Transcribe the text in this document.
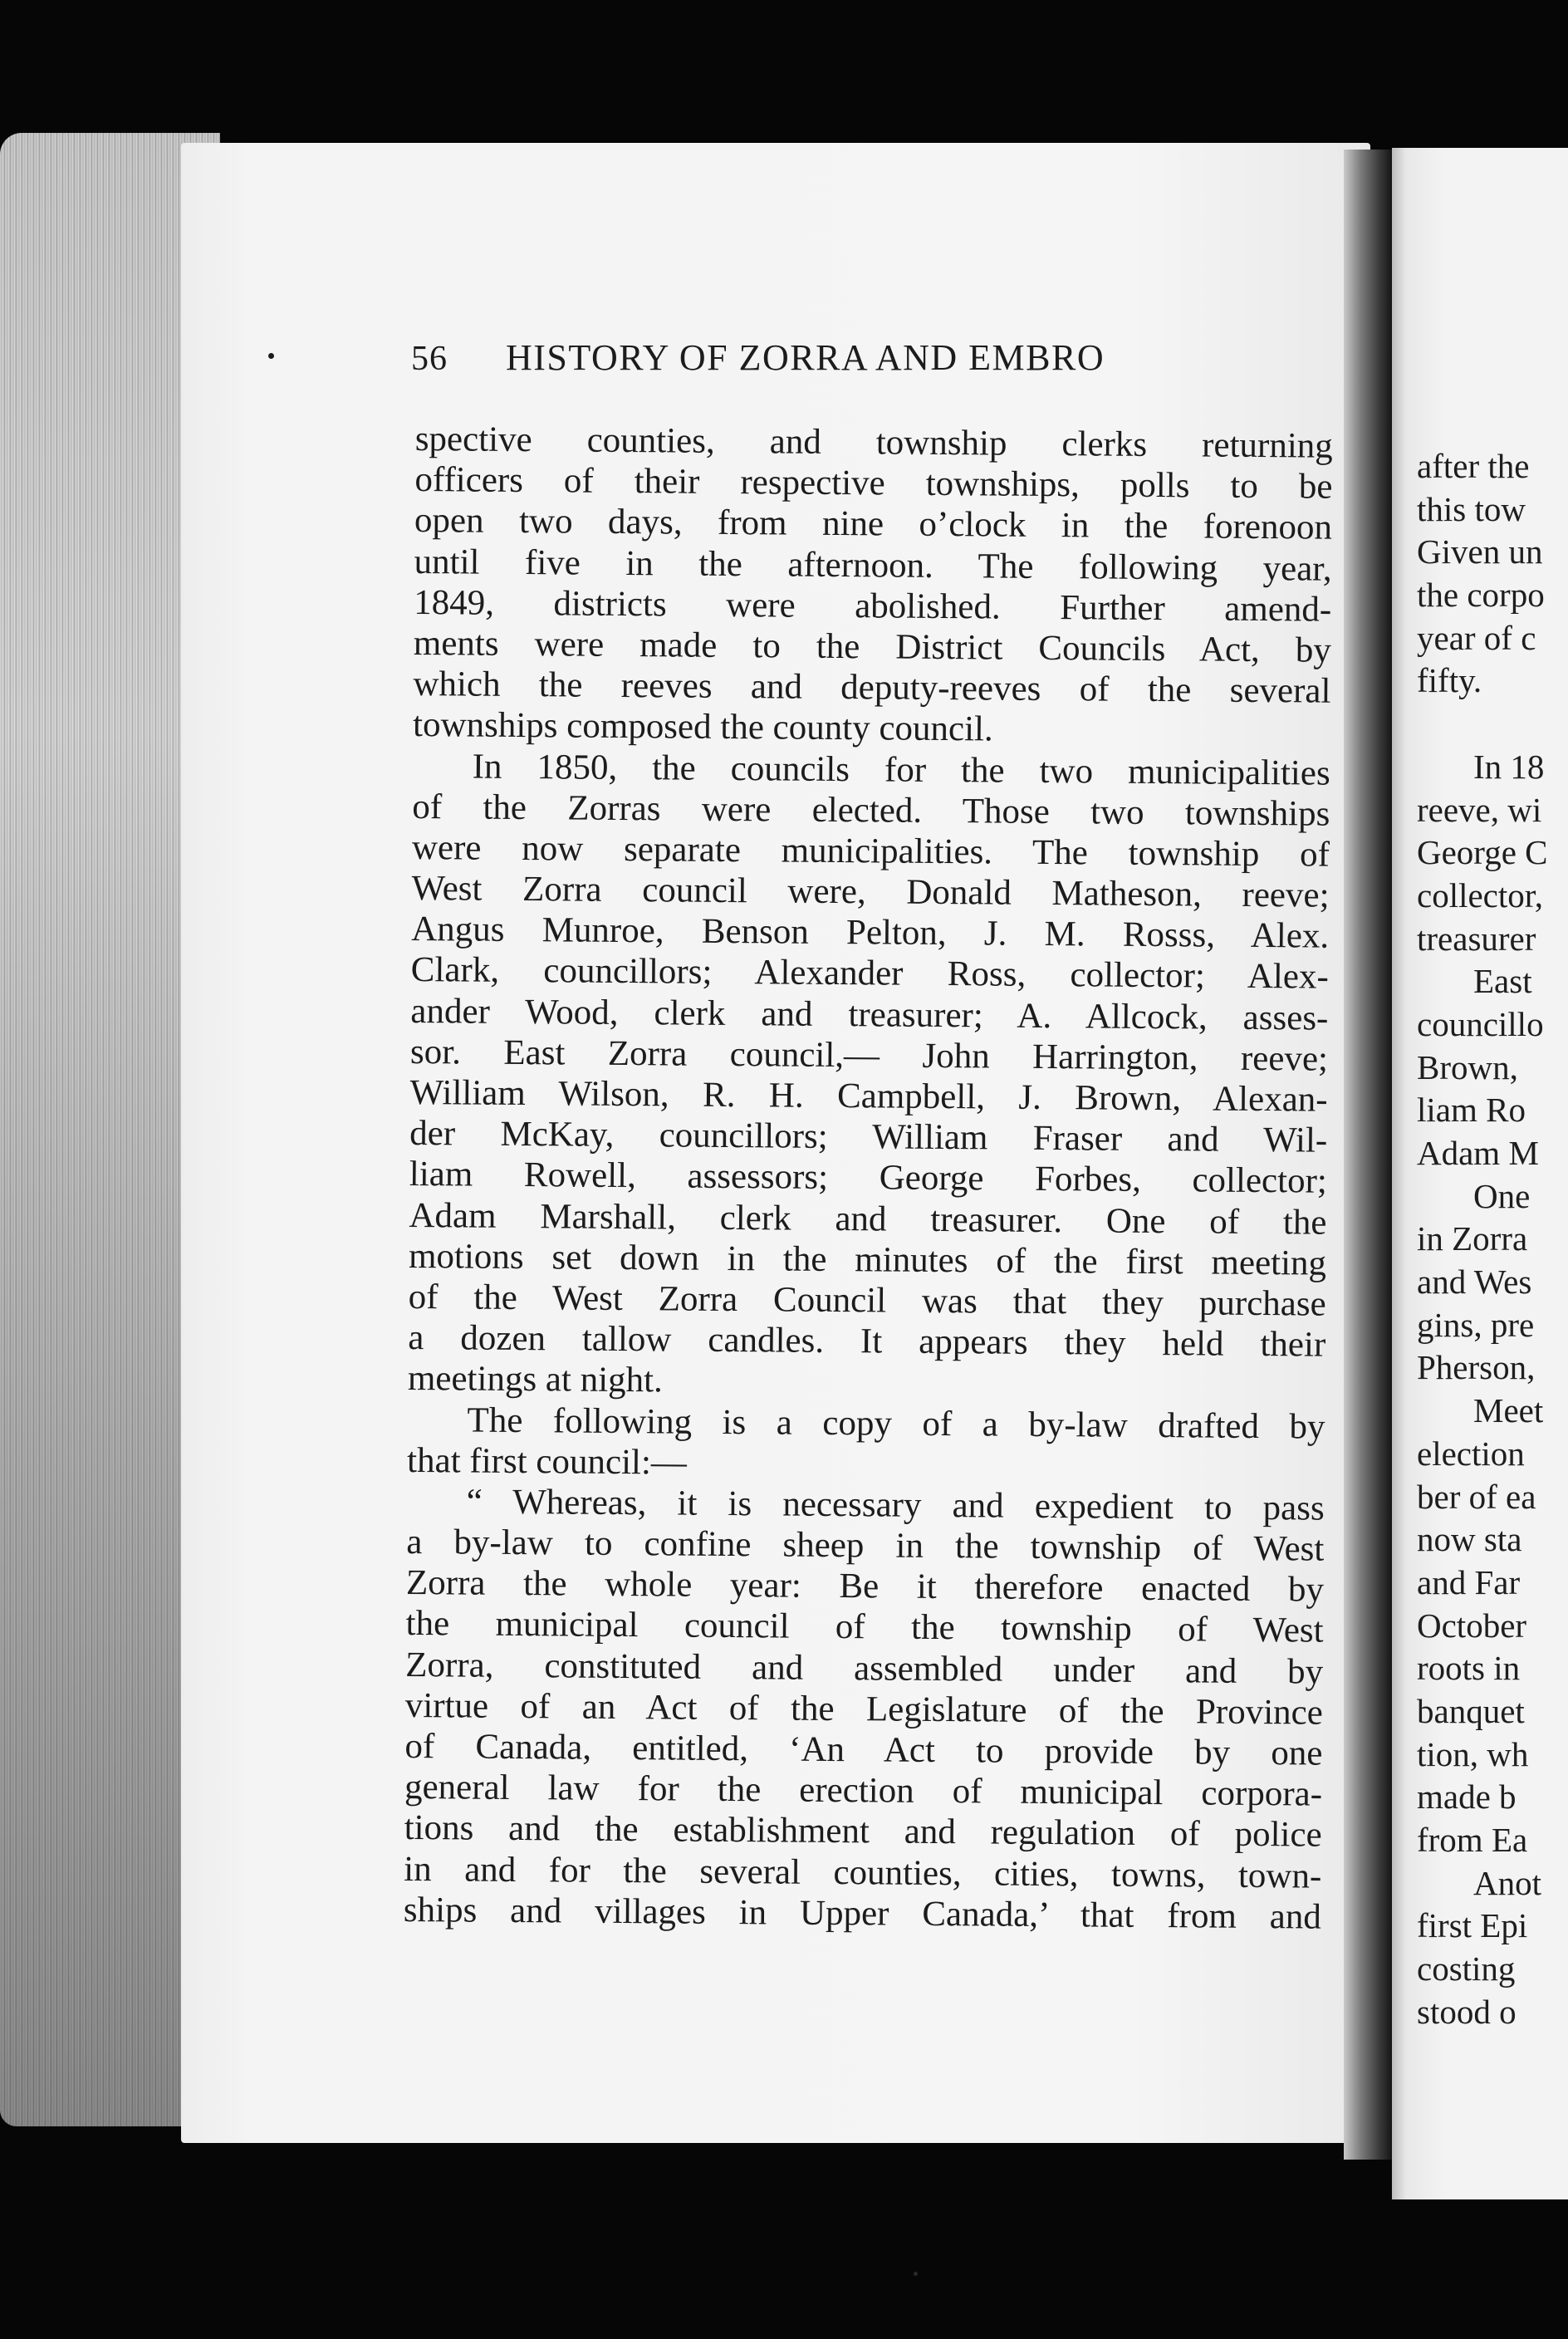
56 HISTORY OF ZORRA AND EMBRO
spective counties, and township clerks returning
officers of their respective townships, polls to be
open two days, from nine o’clock in the forenoon
until five in the afternoon. The following year,
1849, districts were abolished. Further amend-
ments were made to the District Councils Act, by
which the reeves and deputy-reeves of the several
townships composed the county council.
In 1850, the councils for the two municipalities
of the Zorras were elected. Those two townships
were now separate municipalities. The township of
West Zorra council were, Donald Matheson, reeve;
Angus Munroe, Benson Pelton, J. M. Rosss, Alex.
Clark, councillors; Alexander Ross, collector; Alex-
ander Wood, clerk and treasurer; A. Allcock, asses-
sor. East Zorra council,— John Harrington, reeve;
William Wilson, R. H. Campbell, J. Brown, Alexan-
der McKay, councillors; William Fraser and Wil-
liam Rowell, assessors; George Forbes, collector;
Adam Marshall, clerk and treasurer. One of the
motions set down in the minutes of the first meeting
of the West Zorra Council was that they purchase
a dozen tallow candles. It appears they held their
meetings at night.
The following is a copy of a by-law drafted by
that first council:—
“ Whereas, it is necessary and expedient to pass
a by-law to confine sheep in the township of West
Zorra the whole year: Be it therefore enacted by
the municipal council of the township of West
Zorra, constituted and assembled under and by
virtue of an Act of the Legislature of the Province
of Canada, entitled, ‘An Act to provide by one
general law for the erection of municipal corpora-
tions and the establishment and regulation of police
in and for the several counties, cities, towns, town-
ships and villages in Upper Canada,’ that from and
after the
this tow
Given un
the corpo
year of c
fifty.
In 18
reeve, wi
George C
collector,
treasurer
East
councillo
Brown,
liam Ro
Adam M
One
in Zorra
and Wes
gins, pre
Pherson,
Meet
election
ber of ea
now sta
and Far
October
roots in
banquet
tion, wh
made b
from Ea
Anot
first Epi
costing
stood o
